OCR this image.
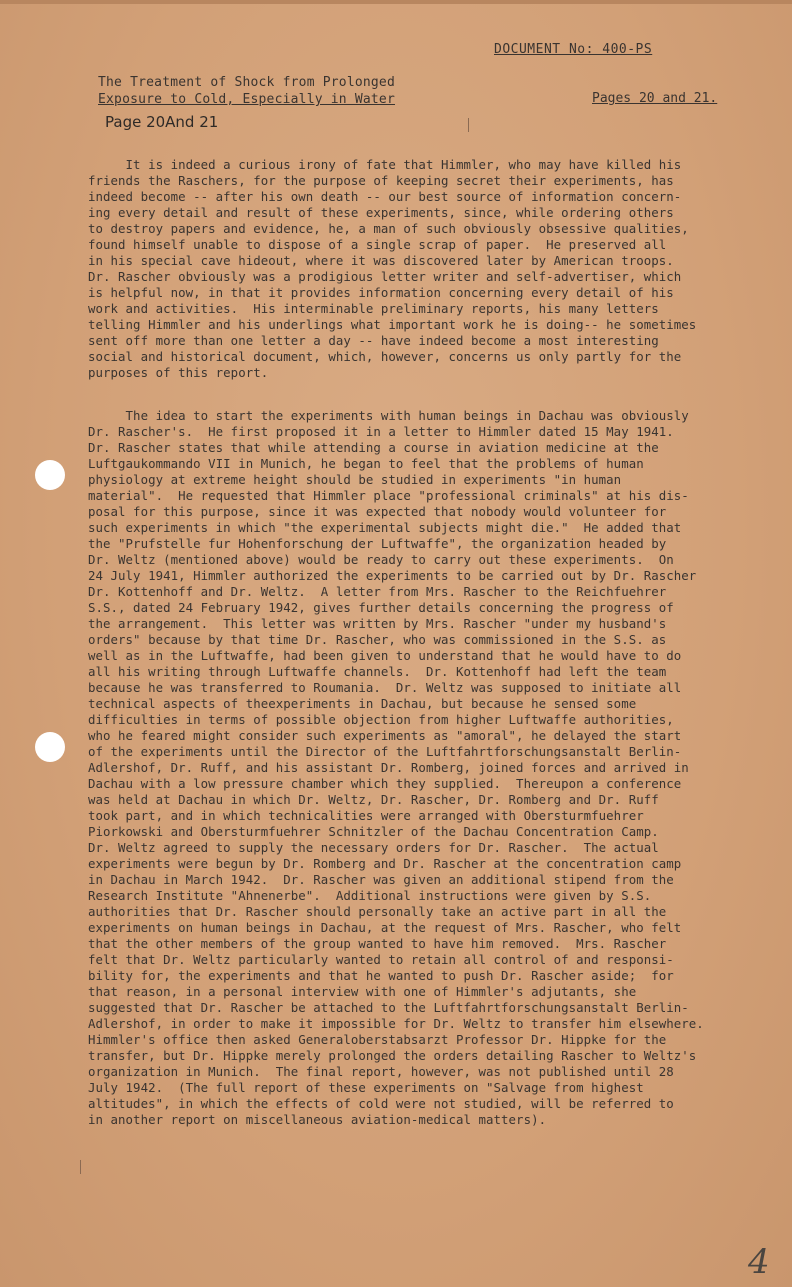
DOCUMENT No: 400-PS
The Treatment of Shock from Prolonged
Exposure to Cold, Especially in Water	Pages 20 and 21.
Page 20And 21
It is indeed a curious irony of fate that Himmler, who may have killed his
friends the Raschers, for the purpose of keeping secret their experiments, has
indeed become -- after his own death -- our best source of information concern-
ing every detail and result of these experiments, since, while ordering others
to destroy papers and evidence, he, a man of such obviously obsessive qualities,
found himself unable to dispose of a single scrap of paper.  He preserved all
in his special cave hideout, where it was discovered later by American troops.
Dr. Rascher obviously was a prodigious letter writer and self-advertiser, which
is helpful now, in that it provides information concerning every detail of his
work and activities.  His interminable preliminary reports, his many letters
telling Himmler and his underlings what important work he is doing-- he sometimes
sent off more than one letter a day -- have indeed become a most interesting
social and historical document, which, however, concerns us only partly for the
purposes of this report.
The idea to start the experiments with human beings in Dachau was obviously
Dr. Rascher's.  He first proposed it in a letter to Himmler dated 15 May 1941.
Dr. Rascher states that while attending a course in aviation medicine at the
Luftgaukommando VII in Munich, he began to feel that the problems of human
physiology at extreme height should be studied in experiments "in human
material".  He requested that Himmler place "professional criminals" at his dis-
posal for this purpose, since it was expected that nobody would volunteer for
such experiments in which "the experimental subjects might die."  He added that
the "Prufstelle fur Hohenforschung der Luftwaffe", the organization headed by
Dr. Weltz (mentioned above) would be ready to carry out these experiments.  On
24 July 1941, Himmler authorized the experiments to be carried out by Dr. Rascher
Dr. Kottenhoff and Dr. Weltz.  A letter from Mrs. Rascher to the Reichfuehrer
S.S., dated 24 February 1942, gives further details concerning the progress of
the arrangement.  This letter was written by Mrs. Rascher "under my husband's
orders" because by that time Dr. Rascher, who was commissioned in the S.S. as
well as in the Luftwaffe, had been given to understand that he would have to do
all his writing through Luftwaffe channels.  Dr. Kottenhoff had left the team
because he was transferred to Roumania.  Dr. Weltz was supposed to initiate all
technical aspects of theexperiments in Dachau, but because he sensed some
difficulties in terms of possible objection from higher Luftwaffe authorities,
who he feared might consider such experiments as "amoral", he delayed the start
of the experiments until the Director of the Luftfahrtforschungsanstalt Berlin-
Adlershof, Dr. Ruff, and his assistant Dr. Romberg, joined forces and arrived in
Dachau with a low pressure chamber which they supplied.  Thereupon a conference
was held at Dachau in which Dr. Weltz, Dr. Rascher, Dr. Romberg and Dr. Ruff
took part, and in which technicalities were arranged with Obersturmfuehrer
Piorkowski and Obersturmfuehrer Schnitzler of the Dachau Concentration Camp.
Dr. Weltz agreed to supply the necessary orders for Dr. Rascher.  The actual
experiments were begun by Dr. Romberg and Dr. Rascher at the concentration camp
in Dachau in March 1942.  Dr. Rascher was given an additional stipend from the
Research Institute "Ahnenerbe".  Additional instructions were given by S.S.
authorities that Dr. Rascher should personally take an active part in all the
experiments on human beings in Dachau, at the request of Mrs. Rascher, who felt
that the other members of the group wanted to have him removed.  Mrs. Rascher
felt that Dr. Weltz particularly wanted to retain all control of and responsi-
bility for, the experiments and that he wanted to push Dr. Rascher aside;  for
that reason, in a personal interview with one of Himmler's adjutants, she
suggested that Dr. Rascher be attached to the Luftfahrtforschungsanstalt Berlin-
Adlershof, in order to make it impossible for Dr. Weltz to transfer him elsewhere.
Himmler's office then asked Generaloberstabsarzt Professor Dr. Hippke for the
transfer, but Dr. Hippke merely prolonged the orders detailing Rascher to Weltz's
organization in Munich.  The final report, however, was not published until 28
July 1942.  (The full report of these experiments on "Salvage from highest
altitudes", in which the effects of cold were not studied, will be referred to
in another report on miscellaneous aviation-medical matters).
4
